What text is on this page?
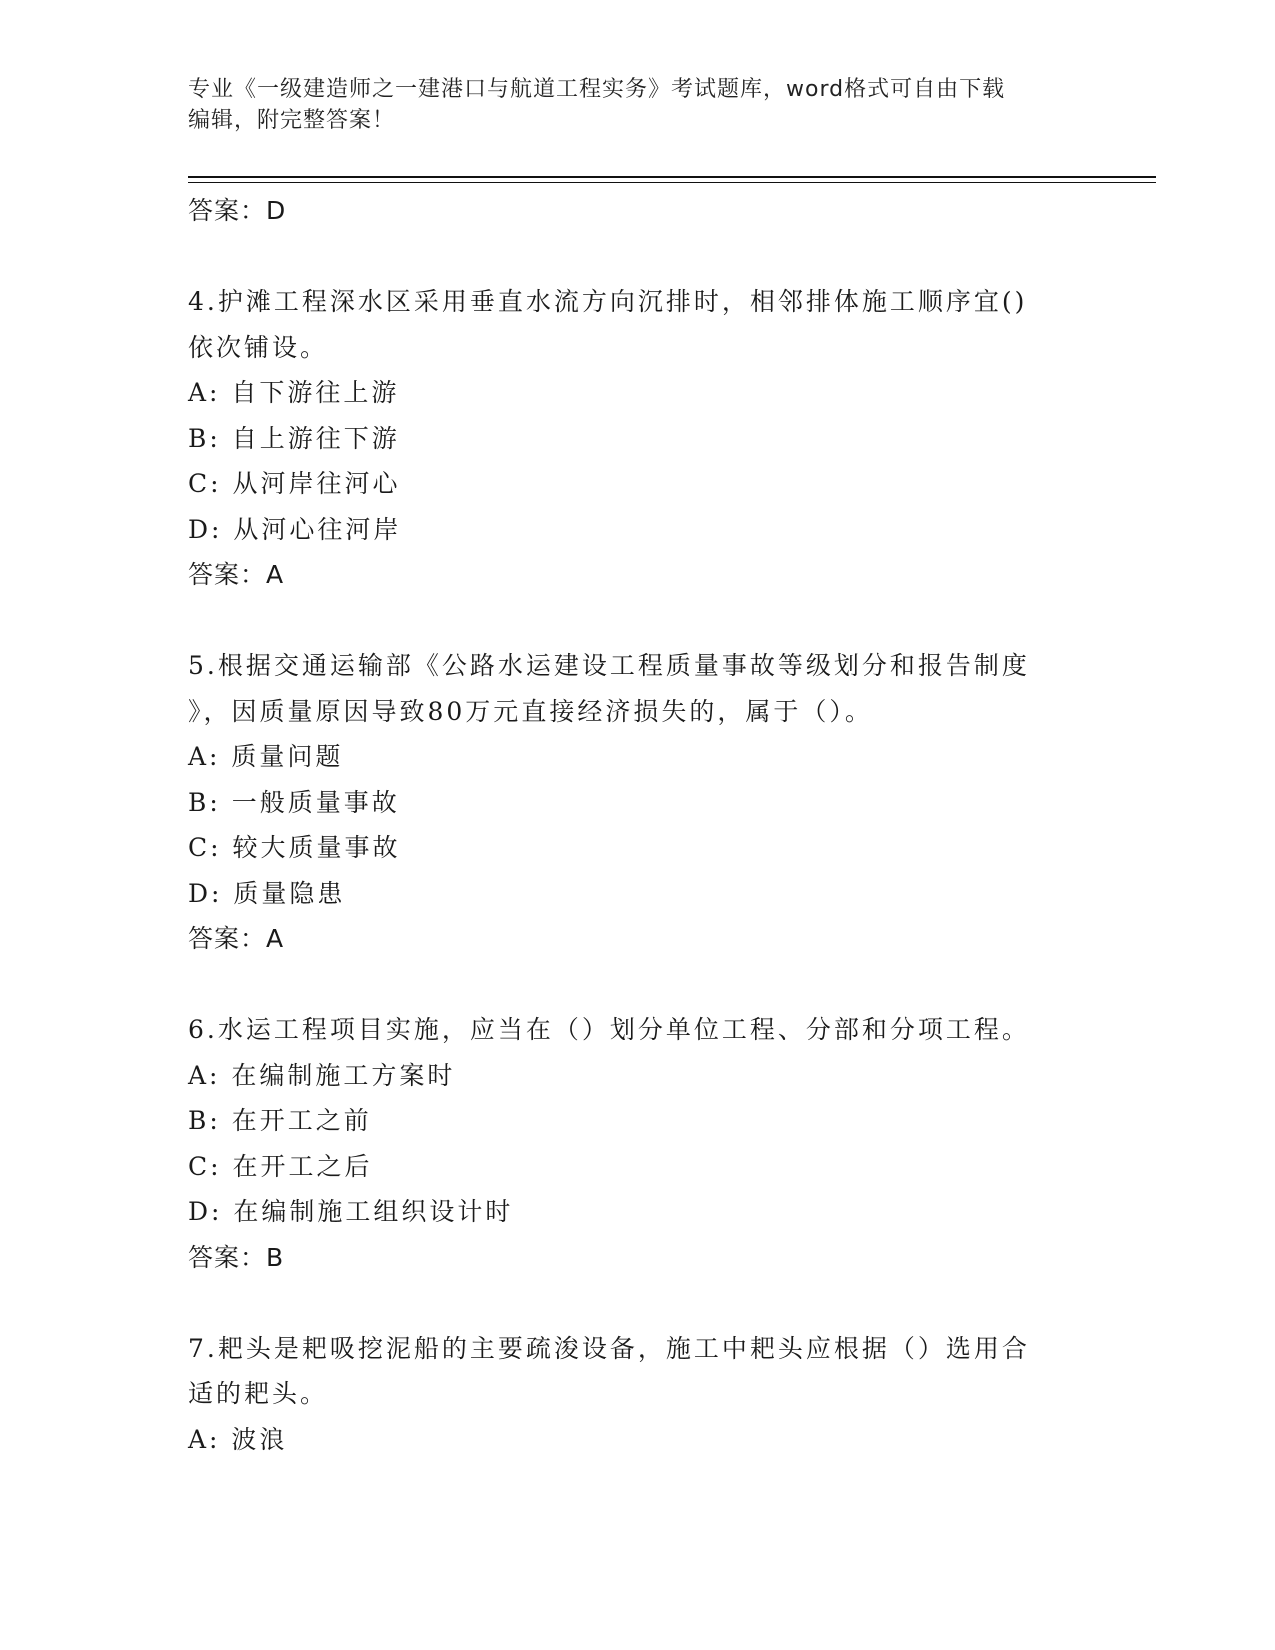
专业《一级建造师之一建港口与航道工程实务》考试题库，word格式可自由下载
编辑，附完整答案！
答案：D
4.护滩工程深水区采用垂直水流方向沉排时，相邻排体施工顺序宜()
依次铺设。
A: 自下游往上游
B: 自上游往下游
C: 从河岸往河心
D: 从河心往河岸
答案：A
5.根据交通运输部《公路水运建设工程质量事故等级划分和报告制度
》，因质量原因导致80万元直接经济损失的，属于（）。
A: 质量问题
B: 一般质量事故
C: 较大质量事故
D: 质量隐患
答案：A
6.水运工程项目实施，应当在（）划分单位工程、分部和分项工程。
A: 在编制施工方案时
B: 在开工之前
C: 在开工之后
D: 在编制施工组织设计时
答案：B
7.耙头是耙吸挖泥船的主要疏浚设备，施工中耙头应根据（）选用合
适的耙头。
A: 波浪
